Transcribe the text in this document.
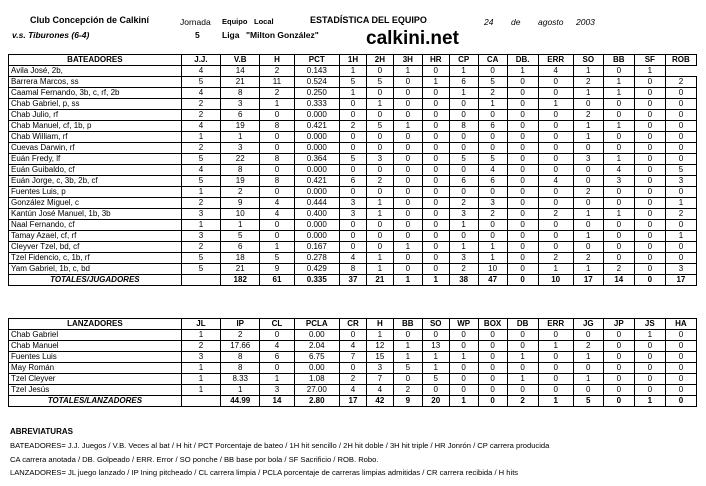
Club Concepción de Calkiní
v.s. Tiburones (6-4)
Jornada
5
Equipo Local
Liga "Milton González"
ESTADÍSTICA DEL EQUIPO	24 de agosto 2003
calkini.net
BATEADORES	J.J.	V.B	H	PCT	1H	2H	3H	HR	CP	CA	DB.	ERR	SO	BB	SF	ROB
Avila José, 2b,	4	14	2	0.143	1	0	1	0	1	0	1	4	1	0	1	
Barrera Marcos, ss	5	21	11	0.524	5	5	0	1	6	5	0	0	2	1	0	2
Caamal Fernando, 3b, c, rf, 2b	4	8	2	0.250	1	0	0	0	1	2	0	0	1	1	0	0
Chab Gabriel, p, ss	2	3	1	0.333	0	1	0	0	0	1	0	1	0	0	0	0
Chab Julio, rf	2	6	0	0.000	0	0	0	0	0	0	0	0	2	0	0	0
Chab Manuel, cf, 1b, p	4	19	8	0.421	2	5	1	0	8	6	0	0	1	1	0	0
Chab William, rf	1	1	0	0.000	0	0	0	0	0	0	0	0	1	0	0	0
Cuevas Darwin, rf	2	3	0	0.000	0	0	0	0	0	0	0	0	0	0	0	0
Euán Fredy, lf	5	22	8	0.364	5	3	0	0	5	5	0	0	3	1	0	0
Euán Guibaldo, cf	4	8	0	0.000	0	0	0	0	0	4	0	0	0	4	0	5
Euán Jorge, c, 3b, 2b, cf	5	19	8	0.421	6	2	0	0	6	6	0	4	0	3	0	3
Fuentes Luis, p	1	2	0	0.000	0	0	0	0	0	0	0	0	2	0	0	0
González Miguel, c	2	9	4	0.444	3	1	0	0	2	3	0	0	0	0	0	1
Kantún José Manuel, 1b, 3b	3	10	4	0.400	3	1	0	0	3	2	0	2	1	1	0	2
Naal Fernando, cf	1	1	0	0.000	0	0	0	0	1	0	0	0	0	0	0	0
Tamay Azael, cf, rf	3	5	0	0.000	0	0	0	0	0	0	0	0	1	0	0	1
Cleyver Tzel, bd, cf	2	6	1	0.167	0	0	1	0	1	1	0	0	0	0	0	0
Tzel Fidencio, c, 1b, rf	5	18	5	0.278	4	1	0	0	3	1	0	2	2	0	0	0
Yam Gabriel, 1b, c, bd	5	21	9	0.429	8	1	0	0	2	10	0	1	1	2	0	3
TOTALES/JUGADORES		182	61	0.335	37	21	1	1	38	47	0	10	17	14	0	17
LANZADORES	JL	IP	CL	PCLA	CR	H	BB	SO	WP	BOX	DB	ERR	JG	JP	JS	HA
Chab Gabriel	1	2	0	0.00	0	1	0	0	0	0	0	0	0	0	1	0
Chab Manuel	2	17.66	4	2.04	4	12	1	13	0	0	0	1	2	0	0	0
Fuentes Luis	3	8	6	6.75	7	15	1	1	1	0	1	0	1	0	0	0
May Román	1	8	0	0.00	0	3	5	1	0	0	0	0	0	0	0	0
Tzel Cleyver	1	8.33	1	1.08	2	7	0	5	0	0	1	0	1	0	0	0
Tzel Jesús	1	1	3	27.00	4	4	2	0	0	0	0	0	0	0	0	0
TOTALES/LANZADORES		44.99	14	2.80	17	42	9	20	1	0	2	1	5	0	1	0
ABREVIATURAS
BATEADORES= J.J. Juegos / V.B. Veces al bat / H hit / PCT Porcentaje de bateo / 1H hit sencillo / 2H hit doble / 3H hit triple / HR Jonrón / CP carrera producida
CA carrera anotada / DB. Golpeado / ERR. Error / SO ponche / BB base por bola / SF Sacrificio / ROB. Robo.
LANZADORES= JL juego lanzado / IP Ining pitcheado / CL carrera limpia / PCLA porcentaje de carreras limpias admitidas / CR carrera recibida / H hits
